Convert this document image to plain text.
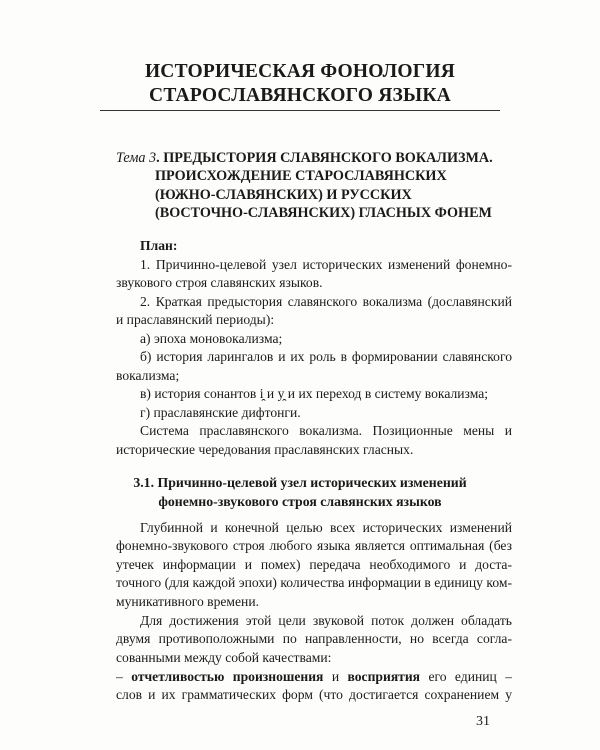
ИСТОРИЧЕСКАЯ ФОНОЛОГИЯ
СТАРОСЛАВЯНСКОГО ЯЗЫКА
Тема 3. ПРЕДЫСТОРИЯ СЛАВЯНСКОГО ВОКАЛИЗМА.
ПРОИСХОЖДЕНИЕ СТАРОСЛАВЯНСКИХ
(ЮЖНО-СЛАВЯНСКИХ) И РУССКИХ
(ВОСТОЧНО-СЛАВЯНСКИХ) ГЛАСНЫХ ФОНЕМ
План:
1. Причинно-целевой узел исторических изменений фонемно-
звукового строя славянских языков.
2. Краткая предыстория славянского вокализма (дославянский
и праславянский периоды):
а) эпоха моновокализма;
б) история ларингалов и их роль в формировании славянского
вокализма;
в) история сонантов і̯ и у̯ и их переход в систему вокализма;
г) праславянские дифтонги.
Система праславянского вокализма. Позиционные мены и
исторические чередования праславянских гласных.
3.1. Причинно-целевой узел исторических изменений
фонемно-звукового строя славянских языков
Глубинной и конечной целью всех исторических изменений
фонемно-звукового строя любого языка является оптимальная (без
утечек информации и помех) передача необходимого и доста-
точного (для каждой эпохи) количества информации в единицу ком-
муникативного времени.
Для достижения этой цели звуковой поток должен обладать
двумя противоположными по направленности, но всегда согла-
сованными между собой качествами:
– отчетливостью произношения и восприятия его единиц –
слов и их грамматических форм (что достигается сохранением у
31
